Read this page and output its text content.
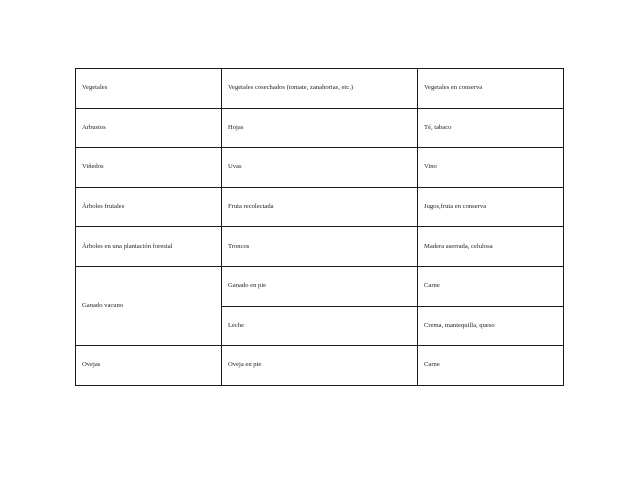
Vegetales	Vegetales cosechados (tomate, zanahorias, etc.)	Vegetales en conserva
Arbustos	Hojas	Té, tabaco
Viñedos	Uvas	Vino
Árboles frutales	Fruta recolectada	Jugos,fruta en conserva
Árboles en una plantación forestal	Troncos	Madera aserrada, celulosa
Ganado vacuno	Ganado en pie	Carne
	Leche	Crema, mantequilla, queso
Ovejas	Oveja en pie	Carne
